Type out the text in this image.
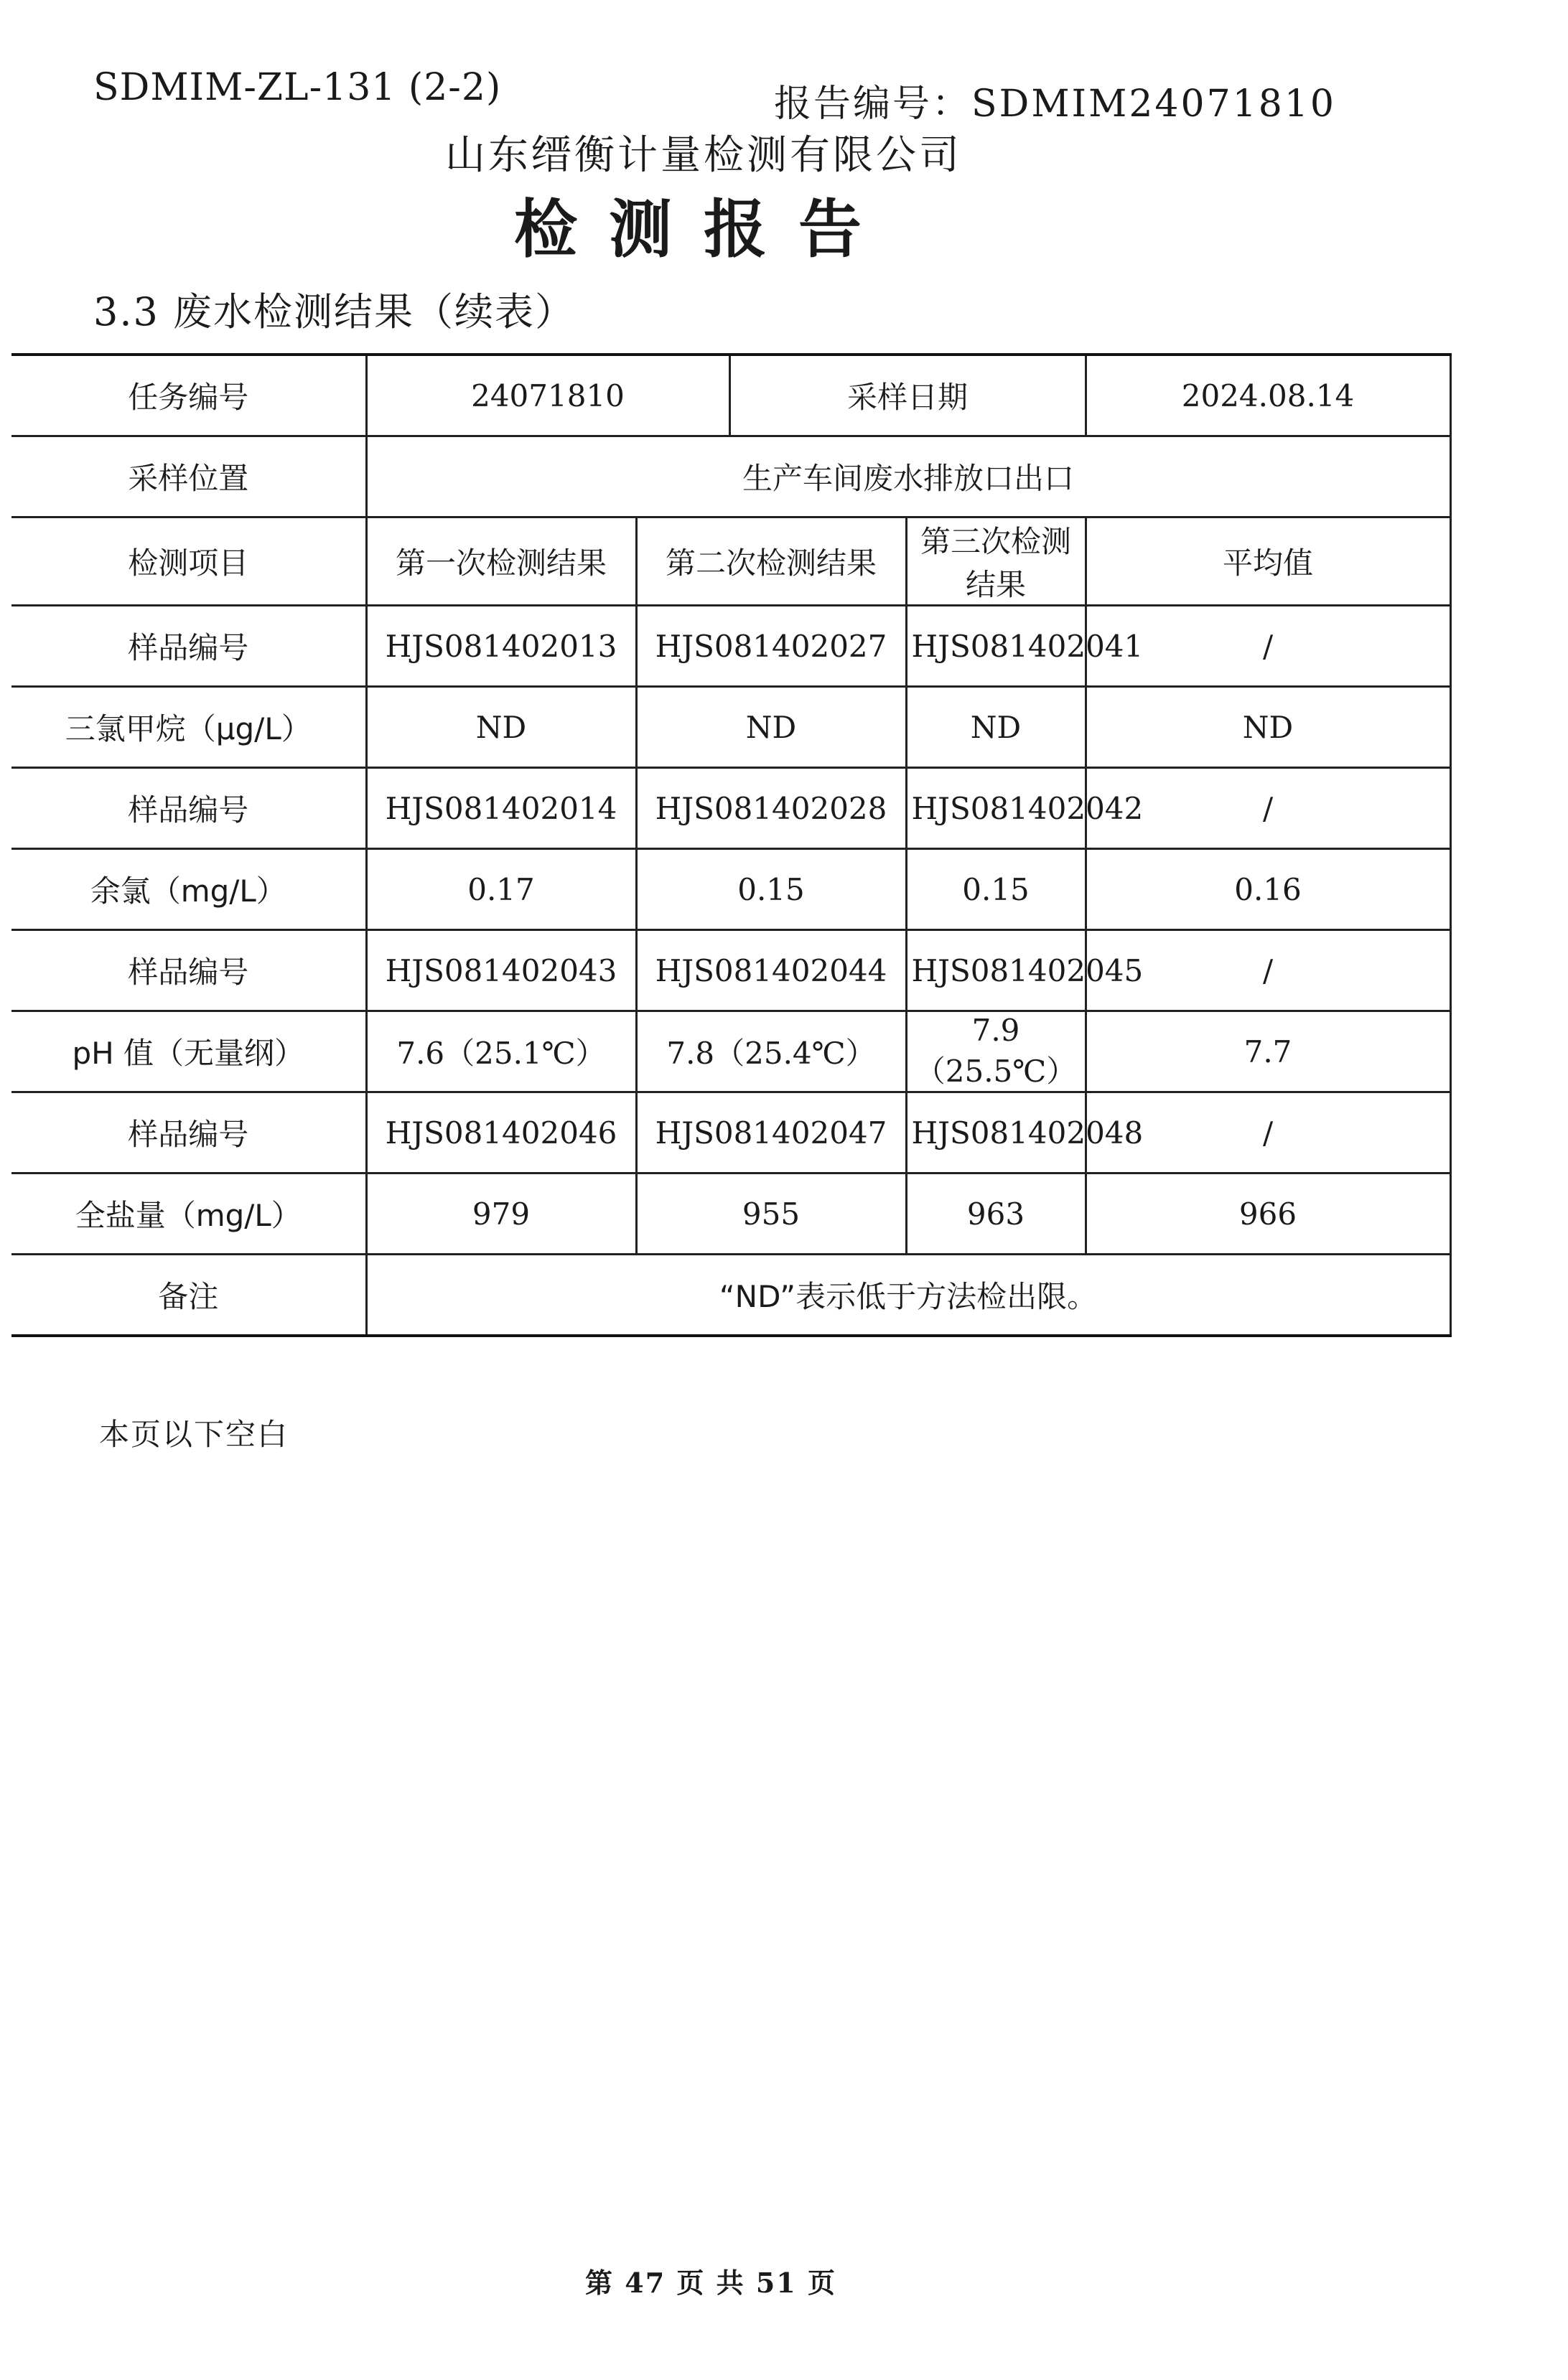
SDMIM-ZL-131 (2-2)	报告编号：SDMIM24071810
山东缙衡计量检测有限公司
检测报告
3.3 废水检测结果（续表）
任务编号	24071810		采样日期		2024.08.14
采样位置	生产车间废水排放口出口				
检测项目	第一次检测结果	第二次检测结果		第三次检测结果	平均值
样品编号	HJS081402013	HJS081402027		HJS081402041	/
三氯甲烷（μg/L）	ND	ND		ND	ND
样品编号	HJS081402014	HJS081402028		HJS081402042	/
余氯（mg/L）	0.17	0.15		0.15	0.16
样品编号	HJS081402043	HJS081402044		HJS081402045	/
pH 值（无量纲）	7.6（25.1℃）	7.8（25.4℃）		7.9（25.5℃）	7.7
样品编号	HJS081402046	HJS081402047		HJS081402048	/
全盐量（mg/L）	979	955		963	966
备注	“ND”表示低于方法检出限。				
本页以下空白
第 47 页 共 51 页
